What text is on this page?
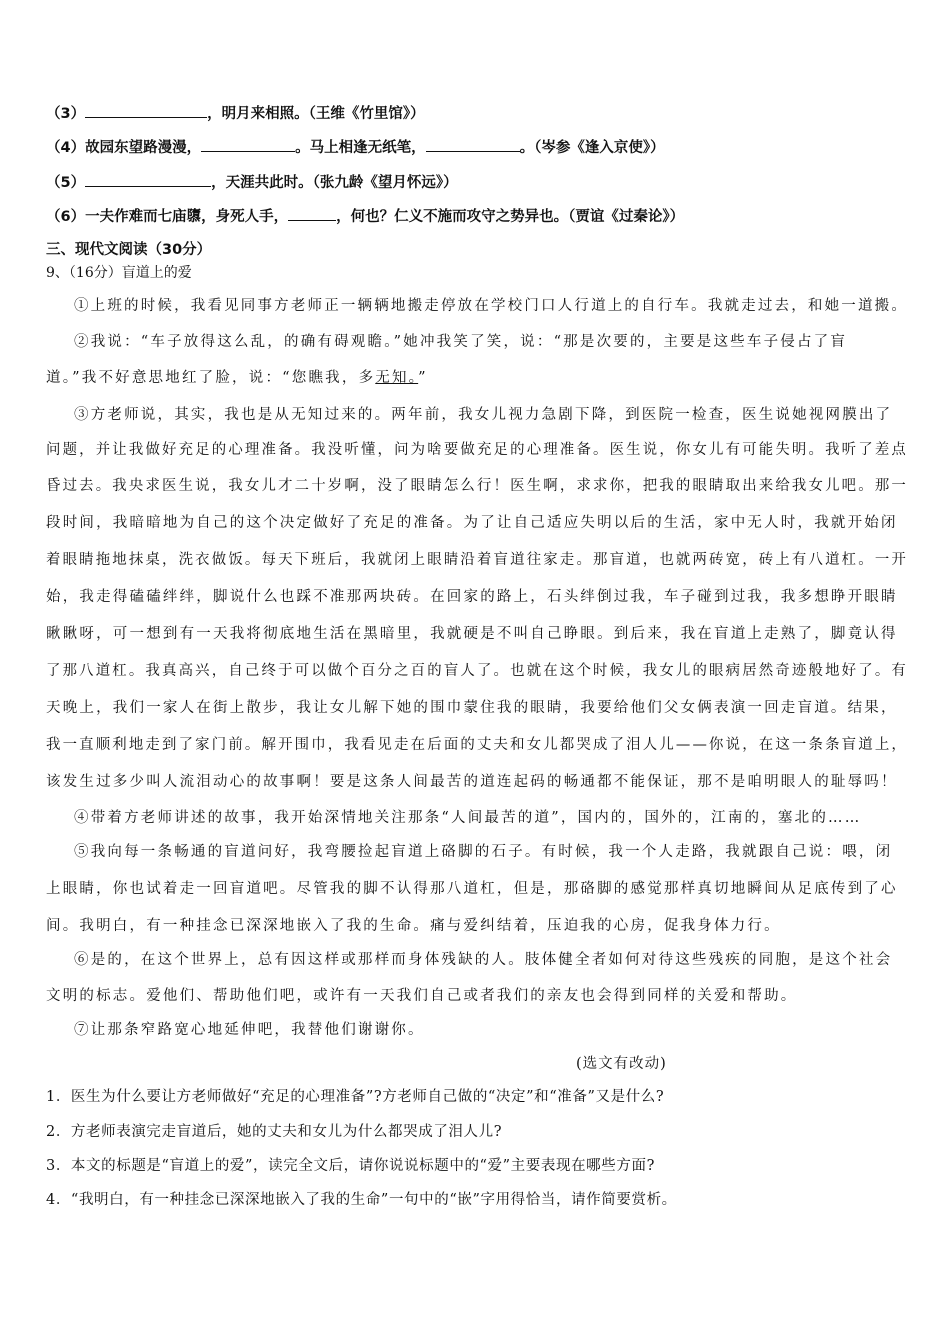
（3）	，明月来相照。（王维《竹里馆》）
（4）故园东望路漫漫，	。马上相逢无纸笔，	。（岑参《逢入京使》）
（5）	，天涯共此时。（张九龄《望月怀远》）
（6）一夫作难而七庙隳，身死人手，	，何也？仁义不施而攻守之势异也。（贾谊《过秦论》）
三、现代文阅读（30分）
9、（16分）盲道上的爱
①上班的时候，我看见同事方老师正一辆辆地搬走停放在学校门口人行道上的自行车。我就走过去，和她一道搬。
②我说：“车子放得这么乱，的确有碍观瞻。”她冲我笑了笑，说：“那是次要的，主要是这些车子侵占了盲
道。”我不好意思地红了脸，说：“您瞧我，多无知。”
③方老师说，其实，我也是从无知过来的。两年前，我女儿视力急剧下降，到医院一检查，医生说她视网膜出了
问题，并让我做好充足的心理准备。我没听懂，问为啥要做充足的心理准备。医生说，你女儿有可能失明。我听了差点
昏过去。我央求医生说，我女儿才二十岁啊，没了眼睛怎么行！医生啊，求求你，把我的眼睛取出来给我女儿吧。那一
段时间，我暗暗地为自己的这个决定做好了充足的准备。为了让自己适应失明以后的生活，家中无人时，我就开始闭
着眼睛拖地抹桌，洗衣做饭。每天下班后，我就闭上眼睛沿着盲道往家走。那盲道，也就两砖宽，砖上有八道杠。一开
始，我走得磕磕绊绊，脚说什么也踩不准那两块砖。在回家的路上，石头绊倒过我，车子碰到过我，我多想睁开眼睛
瞅瞅呀，可一想到有一天我将彻底地生活在黑暗里，我就硬是不叫自己睁眼。到后来，我在盲道上走熟了，脚竟认得
了那八道杠。我真高兴，自己终于可以做个百分之百的盲人了。也就在这个时候，我女儿的眼病居然奇迹般地好了。有
天晚上，我们一家人在街上散步，我让女儿解下她的围巾蒙住我的眼睛，我要给他们父女俩表演一回走盲道。结果，
我一直顺利地走到了家门前。解开围巾，我看见走在后面的丈夫和女儿都哭成了泪人儿——你说，在这一条条盲道上，
该发生过多少叫人流泪动心的故事啊！要是这条人间最苦的道连起码的畅通都不能保证，那不是咱明眼人的耻辱吗！
④带着方老师讲述的故事，我开始深情地关注那条“人间最苦的道”，国内的，国外的，江南的，塞北的……
⑤我向每一条畅通的盲道问好，我弯腰捡起盲道上硌脚的石子。有时候，我一个人走路，我就跟自己说：喂，闭
上眼睛，你也试着走一回盲道吧。尽管我的脚不认得那八道杠，但是，那硌脚的感觉那样真切地瞬间从足底传到了心
间。我明白，有一种挂念已深深地嵌入了我的生命。痛与爱纠结着，压迫我的心房，促我身体力行。
⑥是的，在这个世界上，总有因这样或那样而身体残缺的人。肢体健全者如何对待这些残疾的同胞，是这个社会
文明的标志。爱他们、帮助他们吧，或许有一天我们自己或者我们的亲友也会得到同样的关爱和帮助。
⑦让那条窄路宽心地延伸吧，我替他们谢谢你。
(选文有改动)
1．医生为什么要让方老师做好“充足的心理准备”?方老师自己做的“决定”和“准备”又是什么?
2．方老师表演完走盲道后，她的丈夫和女儿为什么都哭成了泪人儿?
3．本文的标题是“盲道上的爱”，读完全文后，请你说说标题中的“爱”主要表现在哪些方面?
4．“我明白，有一种挂念已深深地嵌入了我的生命”一句中的“嵌”字用得恰当，请作简要赏析。
